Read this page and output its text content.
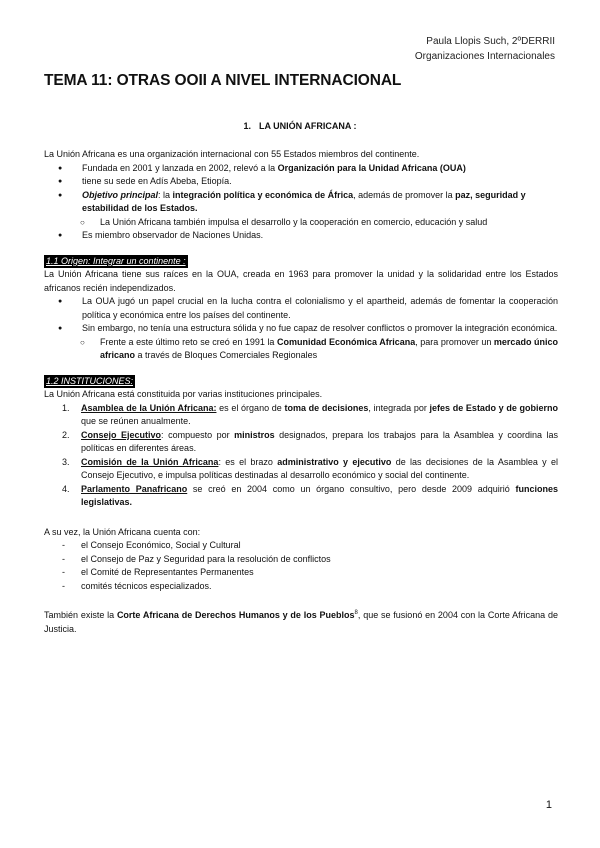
Paula Llopis Such, 2ºDERRII
Organizaciones Internacionales
TEMA 11: OTRAS OOII A NIVEL INTERNACIONAL
1. LA UNIÓN AFRICANA :

La Unión Africana es una organización internacional con 55 Estados miembros del continente.

● Fundada en 2001 y lanzada en 2002, relevó a la Organización para la Unidad Africana (OUA)
● tiene su sede en Adís Abeba, Etiopía.
● Objetivo principal: la integración política y económica de África, además de promover la paz, seguridad y estabilidad de los Estados.
○ La Unión Africana también impulsa el desarrollo y la cooperación en comercio, educación y salud
● Es miembro observador de Naciones Unidas.
1.1 Origen: Integrar un continente :

La Unión Africana tiene sus raíces en la OUA, creada en 1963 para promover la unidad y la solidaridad entre los Estados africanos recién independizados.

● La OUA jugó un papel crucial en la lucha contra el colonialismo y el apartheid, además de fomentar la cooperación política y económica entre los países del continente.
● Sin embargo, no tenía una estructura sólida y no fue capaz de resolver conflictos o promover la integración económica.
○ Frente a este último reto se creó en 1991 la Comunidad Económica Africana, para promover un mercado único africano a través de Bloques Comerciales Regionales
1.2 INSTITUCIONES:

La Unión Africana está constituida por varias instituciones principales.

1. Asamblea de la Unión Africana: es el órgano de toma de decisiones, integrada por jefes de Estado y de gobierno que se reúnen anualmente.
2. Consejo Ejecutivo: compuesto por ministros designados, prepara los trabajos para la Asamblea y coordina las políticas en diferentes áreas.
3. Comisión de la Unión Africana: es el brazo administrativo y ejecutivo de las decisiones de la Asamblea y el Consejo Ejecutivo, e impulsa políticas destinadas al desarrollo económico y social del continente.
4. Parlamento Panafricano se creó en 2004 como un órgano consultivo, pero desde 2009 adquirió funciones legislativas.

A su vez, la Unión Africana cuenta con:

- el Consejo Económico, Social y Cultural
- el Consejo de Paz y Seguridad para la resolución de conflictos
- el Comité de Representantes Permanentes
- comités técnicos especializados.

También existe la Corte Africana de Derechos Humanos y de los Pueblos$^8$, que se fusionó en 2004 con la Corte Africana de Justicia.

1
